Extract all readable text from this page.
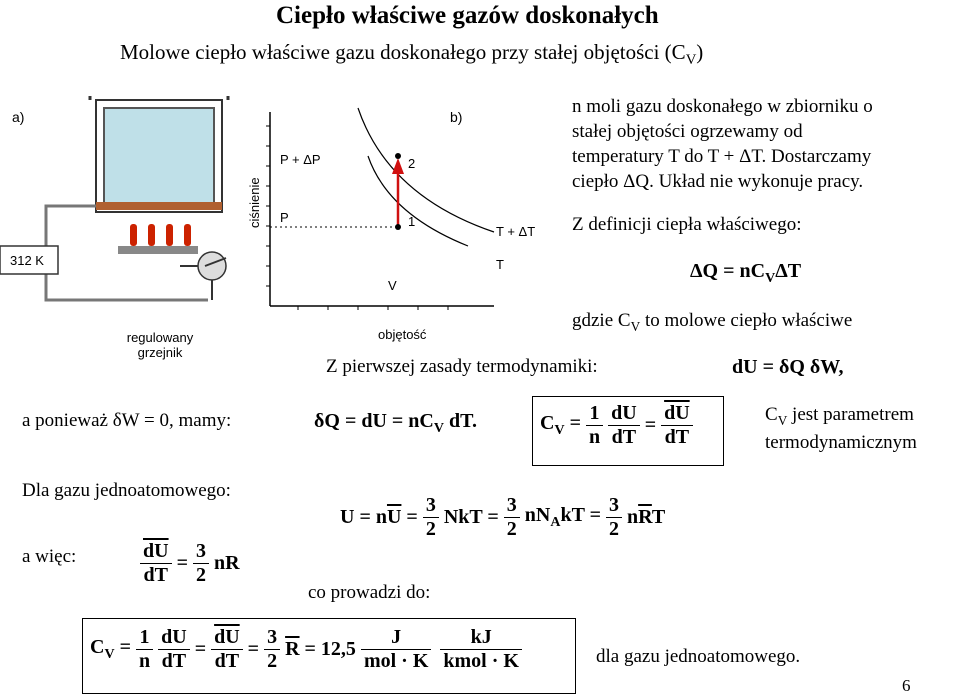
Ciepło właściwe gazów doskonałych
Molowe ciepło właściwe gazu doskonałego przy stałej objętości $(C_V)$
a)
312 K
regulowany
grzejnik
b)
ciśnienie P
P + ΔP
1
2
T + ΔT
T
V
objętość
n moli gazu doskonałego w zbiorniku o
stałej objętości ogrzewamy od
temperatury T do T + ΔT. Dostarczamy
ciepło ΔQ. Układ nie wykonuje pracy.
Z definicji ciepła właściwego:
$\Delta Q = nC_V\Delta T$
gdzie $C_V$ to molowe ciepło właściwe
Z pierwszej zasady termodynamiki:	dU = δQ δW,
a ponieważ δW = 0, mamy:	δQ = dU = $nC_V$ dT.	$C_V = \frac{1}{n}$
$\frac{dU}{dT} = \frac{\overline{dU}}{dT}$	$C_V$ jest parametrem
termodynamicznym
Dla gazu jednoatomowego:
$U = n\overline{U} = \frac{3}{2}$ NkT = $\frac{3}{2} nN_AkT = \frac{3}{2} n\overline{R}T$
a więc:	$\frac{\overline{dU}}{dT} = \frac{3}{2}$ nR
co prowadzi do:
$C_V = \frac{1}{n}$
$\frac{dU}{dT} = \frac{\overline{dU}}{dT} = \frac{3}{2} \overline{R} = 12,5 \frac{J}{\text{mol · K}}$
$\frac{kJ}{\text{kmol · K}}$	dla gazu jednoatomowego.
6
